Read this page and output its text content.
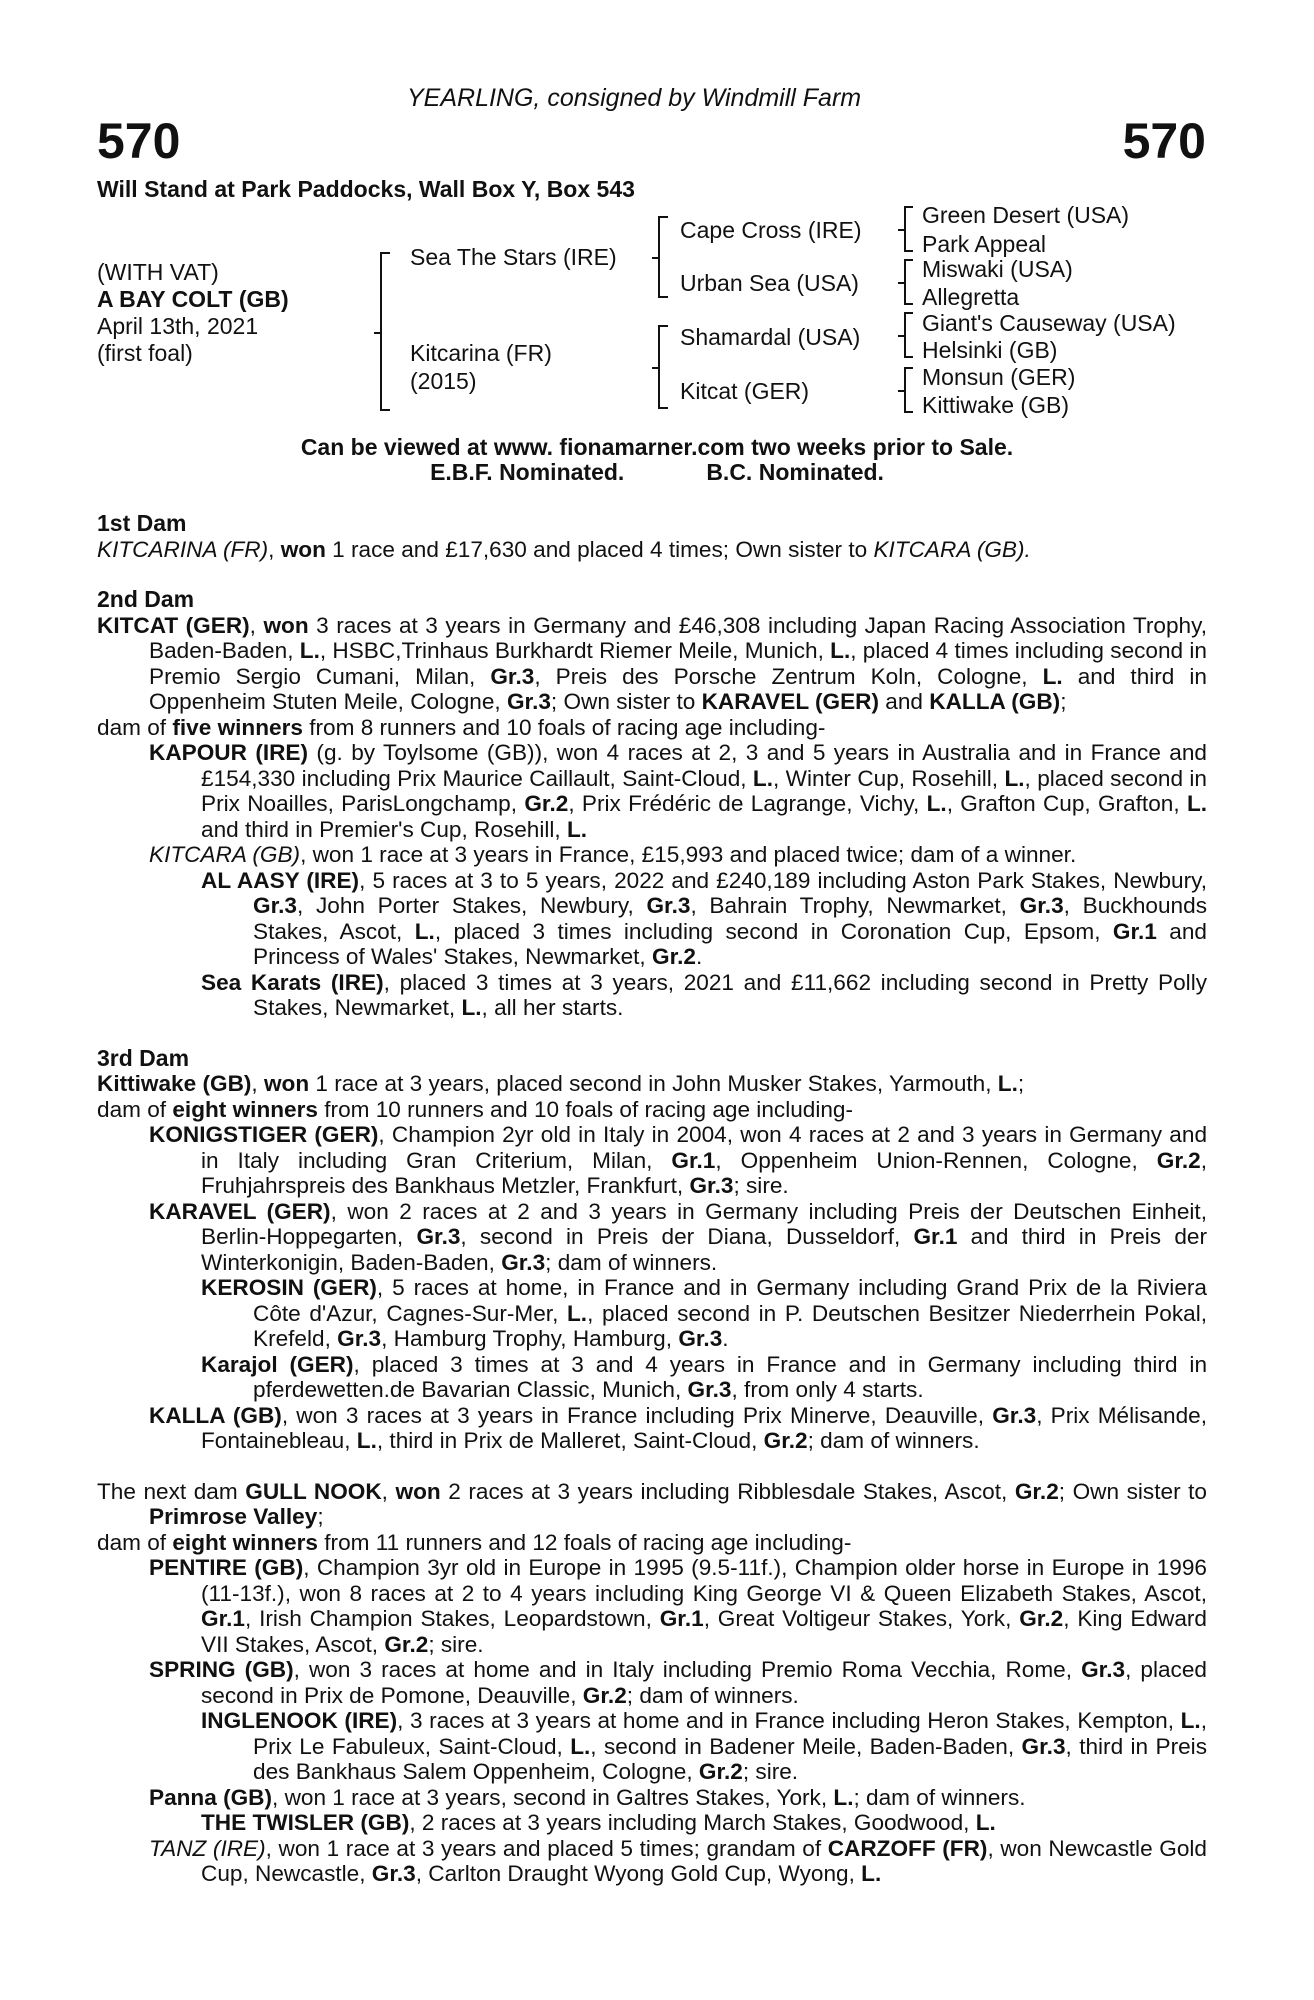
YEARLING, consigned by Windmill Farm
570	570
Will Stand at Park Paddocks, Wall Box Y, Box 543
(WITH VAT)
A BAY COLT (GB)
April 13th, 2021
(first foal)
Sea The Stars (IRE)
Kitcarina (FR)
(2015)
Cape Cross (IRE)
Urban Sea (USA)
Shamardal (USA)
Kitcat (GER)
Green Desert (USA)
Park Appeal
Miswaki (USA)
Allegretta
Giant's Causeway (USA)
Helsinki (GB)
Monsun (GER)
Kittiwake (GB)
Can be viewed at www. fionamarner.com two weeks prior to Sale.
E.B.F. Nominated.	B.C. Nominated.
1st Dam

KITCARINA (FR), won 1 race and £17,630 and placed 4 times; Own sister to KITCARA (GB).

2nd Dam

KITCAT (GER), won 3 races at 3 years in Germany and £46,308 including Japan Racing Association Trophy, Baden-Baden, L., HSBC,Trinhaus Burkhardt Riemer Meile, Munich, L., placed 4 times including second in Premio Sergio Cumani, Milan, Gr.3, Preis des Porsche Zentrum Koln, Cologne, L. and third in Oppenheim Stuten Meile, Cologne, Gr.3; Own sister to KARAVEL (GER) and KALLA (GB);

dam of five winners from 8 runners and 10 foals of racing age including-

KAPOUR (IRE) (g. by Toylsome (GB)), won 4 races at 2, 3 and 5 years in Australia and in France and £154,330 including Prix Maurice Caillault, Saint-Cloud, L., Winter Cup, Rosehill, L., placed second in Prix Noailles, ParisLongchamp, Gr.2, Prix Frédéric de Lagrange, Vichy, L., Grafton Cup, Grafton, L. and third in Premier's Cup, Rosehill, L.

KITCARA (GB), won 1 race at 3 years in France, £15,993 and placed twice; dam of a winner.

AL AASY (IRE), 5 races at 3 to 5 years, 2022 and £240,189 including Aston Park Stakes, Newbury, Gr.3, John Porter Stakes, Newbury, Gr.3, Bahrain Trophy, Newmarket, Gr.3, Buckhounds Stakes, Ascot, L., placed 3 times including second in Coronation Cup, Epsom, Gr.1 and Princess of Wales' Stakes, Newmarket, Gr.2.

Sea Karats (IRE), placed 3 times at 3 years, 2021 and £11,662 including second in Pretty Polly Stakes, Newmarket, L., all her starts.

3rd Dam

Kittiwake (GB), won 1 race at 3 years, placed second in John Musker Stakes, Yarmouth, L.;

dam of eight winners from 10 runners and 10 foals of racing age including-

KONIGSTIGER (GER), Champion 2yr old in Italy in 2004, won 4 races at 2 and 3 years in Germany and in Italy including Gran Criterium, Milan, Gr.1, Oppenheim Union-Rennen, Cologne, Gr.2, Fruhjahrspreis des Bankhaus Metzler, Frankfurt, Gr.3; sire.

KARAVEL (GER), won 2 races at 2 and 3 years in Germany including Preis der Deutschen Einheit, Berlin-Hoppegarten, Gr.3, second in Preis der Diana, Dusseldorf, Gr.1 and third in Preis der Winterkonigin, Baden-Baden, Gr.3; dam of winners.

KEROSIN (GER), 5 races at home, in France and in Germany including Grand Prix de la Riviera Côte d'Azur, Cagnes-Sur-Mer, L., placed second in P. Deutschen Besitzer Niederrhein Pokal, Krefeld, Gr.3, Hamburg Trophy, Hamburg, Gr.3.

Karajol (GER), placed 3 times at 3 and 4 years in France and in Germany including third in pferdewetten.de Bavarian Classic, Munich, Gr.3, from only 4 starts.

KALLA (GB), won 3 races at 3 years in France including Prix Minerve, Deauville, Gr.3, Prix Mélisande, Fontainebleau, L., third in Prix de Malleret, Saint-Cloud, Gr.2; dam of winners.

The next dam GULL NOOK, won 2 races at 3 years including Ribblesdale Stakes, Ascot, Gr.2; Own sister to Primrose Valley;

dam of eight winners from 11 runners and 12 foals of racing age including-

PENTIRE (GB), Champion 3yr old in Europe in 1995 (9.5-11f.), Champion older horse in Europe in 1996 (11-13f.), won 8 races at 2 to 4 years including King George VI & Queen Elizabeth Stakes, Ascot, Gr.1, Irish Champion Stakes, Leopardstown, Gr.1, Great Voltigeur Stakes, York, Gr.2, King Edward VII Stakes, Ascot, Gr.2; sire.

SPRING (GB), won 3 races at home and in Italy including Premio Roma Vecchia, Rome, Gr.3, placed second in Prix de Pomone, Deauville, Gr.2; dam of winners.

INGLENOOK (IRE), 3 races at 3 years at home and in France including Heron Stakes, Kempton, L., Prix Le Fabuleux, Saint-Cloud, L., second in Badener Meile, Baden-Baden, Gr.3, third in Preis des Bankhaus Salem Oppenheim, Cologne, Gr.2; sire.

Panna (GB), won 1 race at 3 years, second in Galtres Stakes, York, L.; dam of winners.

THE TWISLER (GB), 2 races at 3 years including March Stakes, Goodwood, L.

TANZ (IRE), won 1 race at 3 years and placed 5 times; grandam of CARZOFF (FR), won Newcastle Gold Cup, Newcastle, Gr.3, Carlton Draught Wyong Gold Cup, Wyong, L.
